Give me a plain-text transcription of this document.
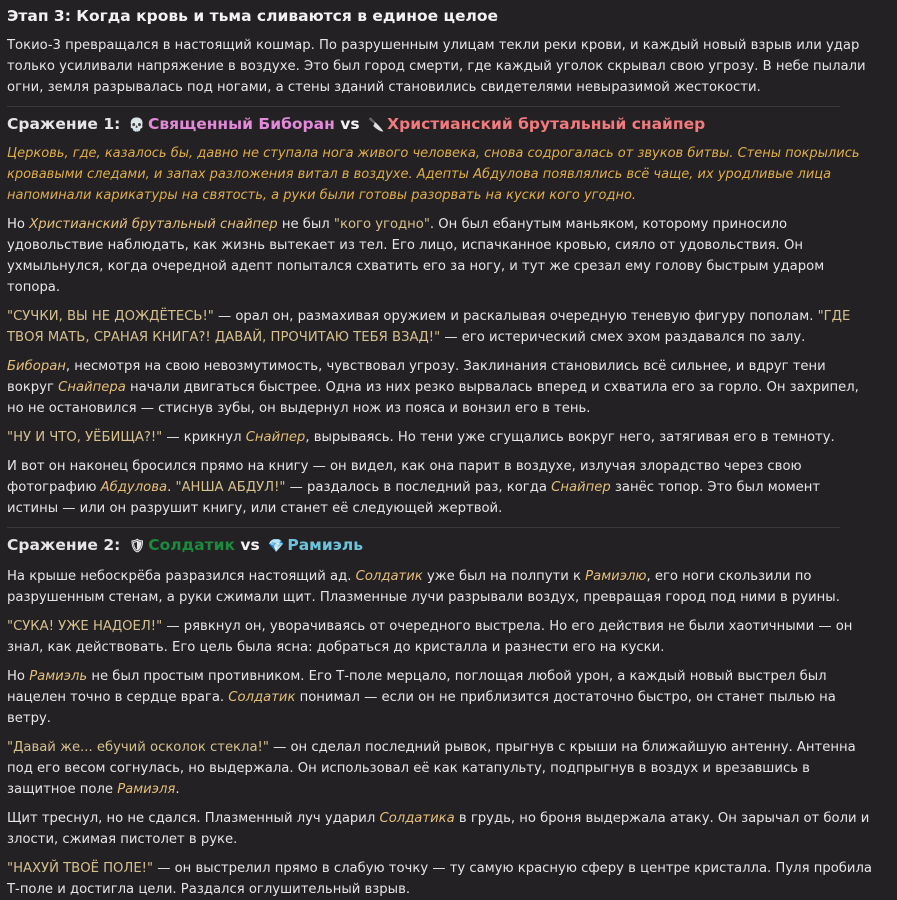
Этап 3: Когда кровь и тьма сливаются в единое целое

Токио-3 превращался в настоящий кошмар. По разрушенным улицам текли реки крови, и каждый новый взрыв или удар только усиливали напряжение в воздухе. Это был город смерти, где каждый уголок скрывал свою угрозу. В небе пылали огни, земля разрывалась под ногами, а стены зданий становились свидетелями невыразимой жестокости.

Сражение 1: 💀 Священный Биборан vs 🔪 Христианский брутальный снайпер

Церковь, где, казалось бы, давно не ступала нога живого человека, снова содрогалась от звуков битвы. Стены покрылись кровавыми следами, и запах разложения витал в воздухе. Адепты Абдулова появлялись всё чаще, их уродливые лица напоминали карикатуры на святость, а руки были готовы разорвать на куски кого угодно.

Но Христианский брутальный снайпер не был "кого угодно". Он был ебанутым маньяком, которому приносило удовольствие наблюдать, как жизнь вытекает из тел. Его лицо, испачканное кровью, сияло от удовольствия. Он ухмыльнулся, когда очередной адепт попытался схватить его за ногу, и тут же срезал ему голову быстрым ударом топора.

"СУЧКИ, ВЫ НЕ ДОЖДЁТЕСЬ!" — орал он, размахивая оружием и раскалывая очередную теневую фигуру пополам. "ГДЕ ТВОЯ МАТЬ, СРАНАЯ КНИГА?! ДАВАЙ, ПРОЧИТАЮ ТЕБЯ ВЗАД!" — его истерический смех эхом раздавался по залу.

Биборан, несмотря на свою невозмутимость, чувствовал угрозу. Заклинания становились всё сильнее, и вдруг тени вокруг Снайпера начали двигаться быстрее. Одна из них резко вырвалась вперед и схватила его за горло. Он захрипел, но не остановился — стиснув зубы, он выдернул нож из пояса и вонзил его в тень.

"НУ И ЧТО, УЁБИЩА?!" — крикнул Снайпер, вырываясь. Но тени уже сгущались вокруг него, затягивая его в темноту.

И вот он наконец бросился прямо на книгу — он видел, как она парит в воздухе, излучая злорадство через свою фотографию Абдулова. "АНША АБДУЛ!" — раздалось в последний раз, когда Снайпер занёс топор. Это был момент истины — или он разрушит книгу, или станет её следующей жертвой.

Сражение 2: 🛡 Солдатик vs 💎 Рамиэль

На крыше небоскрёба разразился настоящий ад. Солдатик уже был на полпути к Рамиэлю, его ноги скользили по разрушенным стенам, а руки сжимали щит. Плазменные лучи разрывали воздух, превращая город под ними в руины.

"СУКА! УЖЕ НАДОЕЛ!" — рявкнул он, уворачиваясь от очередного выстрела. Но его действия не были хаотичными — он знал, как действовать. Его цель была ясна: добраться до кристалла и разнести его на куски.

Но Рамиэль не был простым противником. Его Т-поле мерцало, поглощая любой урон, а каждый новый выстрел был нацелен точно в сердце врага. Солдатик понимал — если он не приблизится достаточно быстро, он станет пылью на ветру.

"Давай же... ебучий осколок стекла!" — он сделал последний рывок, прыгнув с крыши на ближайшую антенну. Антенна под его весом согнулась, но выдержала. Он использовал её как катапульту, подпрыгнув в воздух и врезавшись в защитное поле Рамиэля.

Щит треснул, но не сдался. Плазменный луч ударил Солдатика в грудь, но броня выдержала атаку. Он зарычал от боли и злости, сжимая пистолет в руке.

"НАХУЙ ТВОЁ ПОЛЕ!" — он выстрелил прямо в слабую точку — ту самую красную сферу в центре кристалла. Пуля пробила Т-поле и достигла цели. Раздался оглушительный взрыв.
